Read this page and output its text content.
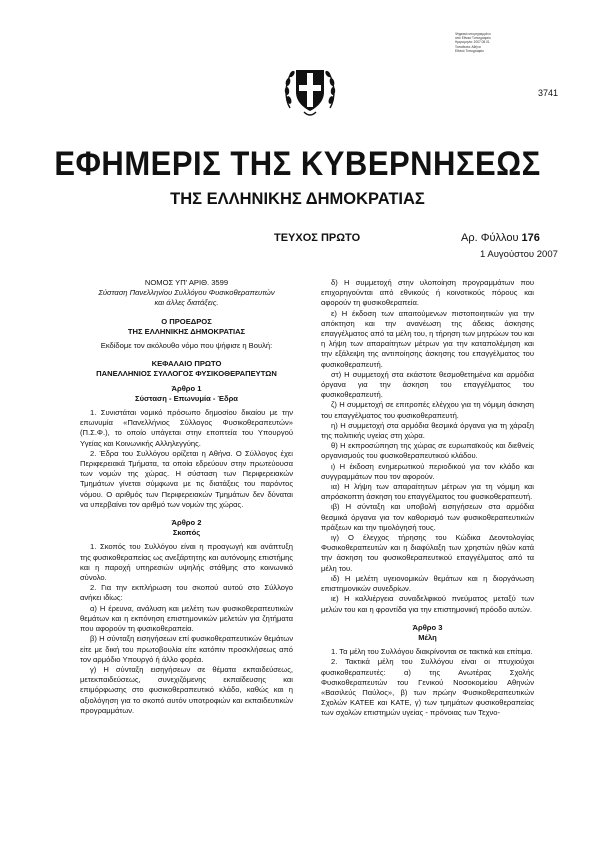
Ψηφιακά υπογεγραμμένο
από Εθνικό Τυπογραφείο
Ημερομηνία: 2007.08.01
Τοποθεσία: Αθήνα
Εθνικό Τυπογραφείο
3741
ΕΦΗΜΕΡΙΣ ΤΗΣ ΚΥΒΕΡΝΗΣΕΩΣ
ΤΗΣ ΕΛΛΗΝΙΚΗΣ ΔΗΜΟΚΡΑΤΙΑΣ
ΤΕΥΧΟΣ ΠΡΩΤΟ	Αρ. Φύλλου 176
1 Αυγούστου 2007
ΝΟΜΟΣ ΥΠ’ ΑΡΙΘ. 3599
Σύσταση Πανελληνίου Συλλόγου Φυσικοθεραπευτών
και άλλες διατάξεις.
Ο ΠΡΟΕΔΡΟΣ
ΤΗΣ ΕΛΛΗΝΙΚΗΣ ΔΗΜΟΚΡΑΤΙΑΣ
Εκδίδομε τον ακόλουθο νόμο που ψήφισε η Βουλή:
ΚΕΦΑΛΑΙΟ ΠΡΩΤΟ
ΠΑΝΕΛΛΗΝΙΟΣ ΣΥΛΛΟΓΟΣ ΦΥΣΙΚΟΘΕΡΑΠΕΥΤΩΝ
Άρθρο 1
Σύσταση - Επωνυμία - Έδρα
1. Συνιστάται νομικό πρόσωπο δημοσίου δικαίου με την επωνυμία «Πανελλήνιος Σύλλογος Φυσικοθεραπευτών» (Π.Σ.Φ.), το οποίο υπάγεται στην εποπτεία του Υπουργού Υγείας και Κοινωνικής Αλληλεγγύης.
2. Έδρα του Συλλόγου ορίζεται η Αθήνα. Ο Σύλλογος έχει Περιφερειακά Τμήματα, τα οποία εδρεύουν στην πρωτεύουσα των νομών της χώρας. Η σύσταση των Περιφερειακών Τμημάτων γίνεται σύμφωνα με τις διατάξεις του παρόντος νόμου. Ο αριθμός των Περιφερειακών Τμημάτων δεν δύναται να υπερβαίνει τον αριθμό των νομών της χώρας.
Άρθρο 2
Σκοπός
1. Σκοπός του Συλλόγου είναι η προαγωγή και ανάπτυξη της φυσικοθεραπείας ως ανεξάρτητης και αυτόνομης επιστήμης και η παροχή υπηρεσιών υψηλής στάθμης στο κοινωνικό σύνολο.
2. Για την εκπλήρωση του σκοπού αυτού στο Σύλλογο ανήκει ιδίως:
α) Η έρευνα, ανάλυση και μελέτη των φυσικοθεραπευτικών θεμάτων και η εκπόνηση επιστημονικών μελετών για ζητήματα που αφορούν τη φυσικοθεραπεία.
β) Η σύνταξη εισηγήσεων επί φυσικοθεραπευτικών θεμάτων είτε με δική του πρωτοβουλία είτε κατόπιν προσκλήσεως από τον αρμόδιο Υπουργό ή άλλο φορέα.
γ) Η σύνταξη εισηγήσεων σε θέματα εκπαιδεύσεως, μετεκπαιδεύσεως, συνεχιζόμενης εκπαίδευσης και επιμόρφωσης στο φυσικοθεραπευτικό κλάδο, καθώς και η αξιολόγηση για το σκοπό αυτόν υποτροφιών και εκπαιδευτικών προγραμμάτων.
δ) Η συμμετοχή στην υλοποίηση προγραμμάτων που επιχορηγούνται από εθνικούς ή κοινοτικούς πόρους και αφορούν τη φυσικοθεραπεία.
ε) Η έκδοση των απαιτούμενων πιστοποιητικών για την απόκτηση και την ανανέωση της άδειας άσκησης επαγγέλματος από τα μέλη του, η τήρηση των μητρώων του και η λήψη των απαραίτητων μέτρων για την καταπολέμηση και την εξάλειψη της αντιποίησης άσκησης του επαγγέλματος του φυσικοθεραπευτή.
στ) Η συμμετοχή στα εκάστοτε θεσμοθετημένα και αρμόδια όργανα για την άσκηση του επαγγέλματος του φυσικοθεραπευτή.
ζ) Η συμμετοχή σε επιτροπές ελέγχου για τη νόμιμη άσκηση του επαγγέλματος του φυσικοθεραπευτή.
η) Η συμμετοχή στα αρμόδια θεσμικά όργανα για τη χάραξη της πολιτικής υγείας στη χώρα.
θ) Η εκπροσώπηση της χώρας σε ευρωπαϊκούς και διεθνείς οργανισμούς του φυσικοθεραπευτικού κλάδου.
ι) Η έκδοση ενημερωτικού περιοδικού για τον κλάδο και συγγραμμάτων που τον αφορούν.
ια) Η λήψη των απαραίτητων μέτρων για τη νόμιμη και απρόσκοπτη άσκηση του επαγγέλματος του φυσικοθεραπευτή.
ιβ) Η σύνταξη και υποβολή εισηγήσεων στα αρμόδια θεσμικά όργανα για τον καθορισμό των φυσικοθεραπευτικών πράξεων και την τιμολόγησή τους.
ιγ) Ο έλεγχος τήρησης του Κώδικα Δεοντολογίας Φυσικοθεραπευτών και η διαφύλαξη των χρηστών ηθών κατά την άσκηση του φυσικοθεραπευτικού επαγγέλματος από τα μέλη του.
ιδ) Η μελέτη υγειονομικών θεμάτων και η διοργάνωση επιστημονικών συνεδρίων.
ιε) Η καλλιέργεια συναδελφικού πνεύματος μεταξύ των μελών του και η φροντίδα για την επιστημονική πρόοδο αυτών.
Άρθρο 3
Μέλη
1. Τα μέλη του Συλλόγου διακρίνονται σε τακτικά και επίτιμα.
2. Τακτικά μέλη του Συλλόγου είναι οι πτυχιούχοι φυσικοθεραπευτές: α) της Ανωτέρας Σχολής Φυσικοθεραπευτών του Γενικού Νοσοκομείου Αθηνών «Βασιλεύς Παύλος», β) των πρώην Φυσικοθεραπευτικών Σχολών ΚΑΤΕΕ και ΚΑΤΕ, γ) των τμημάτων φυσικοθεραπείας των σχολών επιστημών υγείας - πρόνοιας των Τεχνο-
